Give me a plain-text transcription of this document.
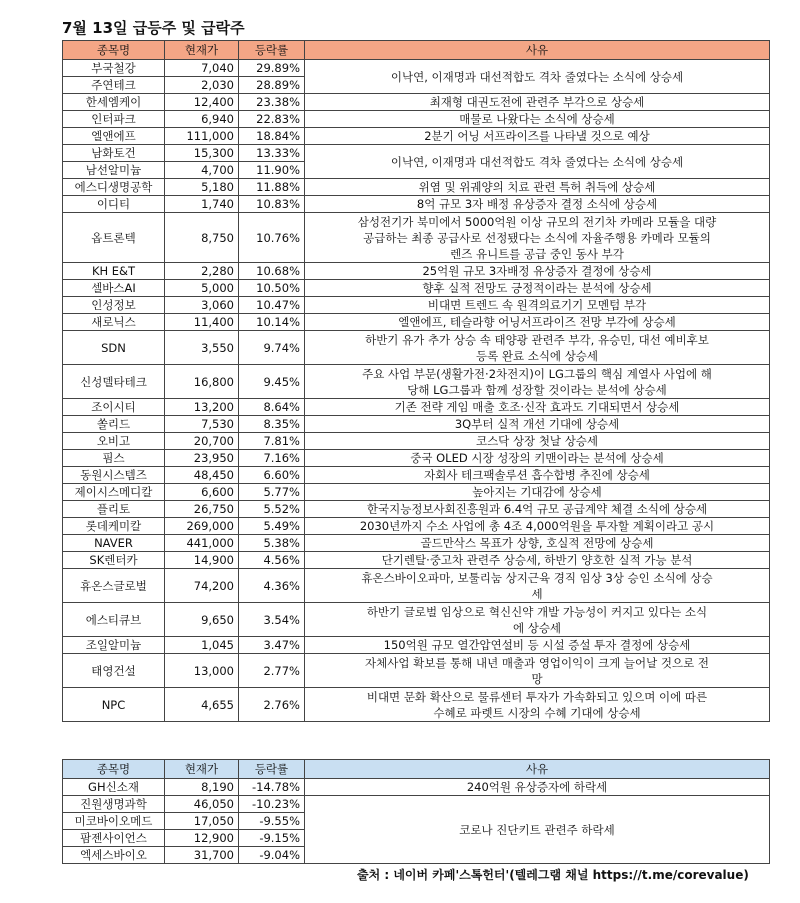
7월 13일 급등주 및 급락주
종목명	현재가	등락률	사유
부국철강	7,040	29.89%	이낙연, 이재명과 대선적합도 격차 줄였다는 소식에 상승세
주연테크	2,030	28.89%	
한세엠케이	12,400	23.38%	최재형 대권도전에 관련주 부각으로 상승세
인터파크	6,940	22.83%	매물로 나왔다는 소식에 상승세
엘앤에프	111,000	18.84%	2분기 어닝 서프라이즈를 나타낼 것으로 예상
남화토건	15,300	13.33%	이낙연, 이재명과 대선적합도 격차 줄였다는 소식에 상승세
남선알미늄	4,700	11.90%	
에스디생명공학	5,180	11.88%	위염 및 위궤양의 치료 관련 특허 취득에 상승세
이디티	1,740	10.83%	8억 규모 3자 배정 유상증자 결정 소식에 상승세
옵트론텍	8,750	10.76%	삼성전기가 북미에서 5000억원 이상 규모의 전기차 카메라 모듈을 대량
공급하는 최종 공급사로 선정됐다는 소식에 자율주행용 카메라 모듈의
렌즈 유니트를 공급 중인 동사 부각
KH E&T	2,280	10.68%	25억원 규모 3자배정 유상증자 결정에 상승세
셀바스AI	5,000	10.50%	향후 실적 전망도 긍정적이라는 분석에 상승세
인성정보	3,060	10.47%	비대면 트렌드 속 원격의료기기 모멘텀 부각
새로닉스	11,400	10.14%	엘앤에프, 테슬라향 어닝서프라이즈 전망 부각에 상승세
SDN	3,550	9.74%	하반기 유가 추가 상승 속 태양광 관련주 부각, 유승민, 대선 예비후보
등록 완료 소식에 상승세
신성델타테크	16,800	9.45%	주요 사업 부문(생활가전·2차전지)이 LG그룹의 핵심 계열사 사업에 해
당해 LG그룹과 함께 성장할 것이라는 분석에 상승세
조이시티	13,200	8.64%	기존 전략 게임 매출 호조·신작 효과도 기대되면서 상승세
쏠리드	7,530	8.35%	3Q부터 실적 개선 기대에 상승세
오비고	20,700	7.81%	코스닥 상장 첫날 상승세
핌스	23,950	7.16%	중국 OLED 시장 성장의 키맨이라는 분석에 상승세
동원시스템즈	48,450	6.60%	자회사 테크팩솔루션 흡수합병 추진에 상승세
제이시스메디칼	6,600	5.77%	높아지는 기대감에 상승세
플리토	26,750	5.52%	한국지능정보사회진흥원과 6.4억 규모 공급계약 체결 소식에 상승세
롯데케미칼	269,000	5.49%	2030년까지 수소 사업에 총 4조 4,000억원을 투자할 계획이라고 공시
NAVER	441,000	5.38%	골드만삭스 목표가 상향, 호실적 전망에 상승세
SK렌터카	14,900	4.56%	단기렌탈·중고차 관련주 상승세, 하반기 양호한 실적 가능 분석
휴온스글로벌	74,200	4.36%	휴온스바이오파마, 보툴리눔 상지근육 경직 임상 3상 승인 소식에 상승
세
에스티큐브	9,650	3.54%	하반기 글로벌 임상으로 혁신신약 개발 가능성이 커지고 있다는 소식
에 상승세
조일알미늄	1,045	3.47%	150억원 규모 열간압연설비 등 시설 증설 투자 결정에 상승세
태영건설	13,000	2.77%	자체사업 확보를 통해 내년 매출과 영업이익이 크게 늘어날 것으로 전
망
NPC	4,655	2.76%	비대면 문화 확산으로 물류센터 투자가 가속화되고 있으며 이에 따른
수혜로 파렛트 시장의 수혜 기대에 상승세
종목명	현재가	등락률	사유
GH신소재	8,190	-14.78%	240억원 유상증자에 하락세
진원생명과학	46,050	-10.23%	코로나 진단키트 관련주 하락세
미코바이오메드	17,050	-9.55%	
팜젠사이언스	12,900	-9.15%	
엑세스바이오	31,700	-9.04%	
출처 : 네이버 카페'스톡헌터'(텔레그램 채널 https://t.me/corevalue)
